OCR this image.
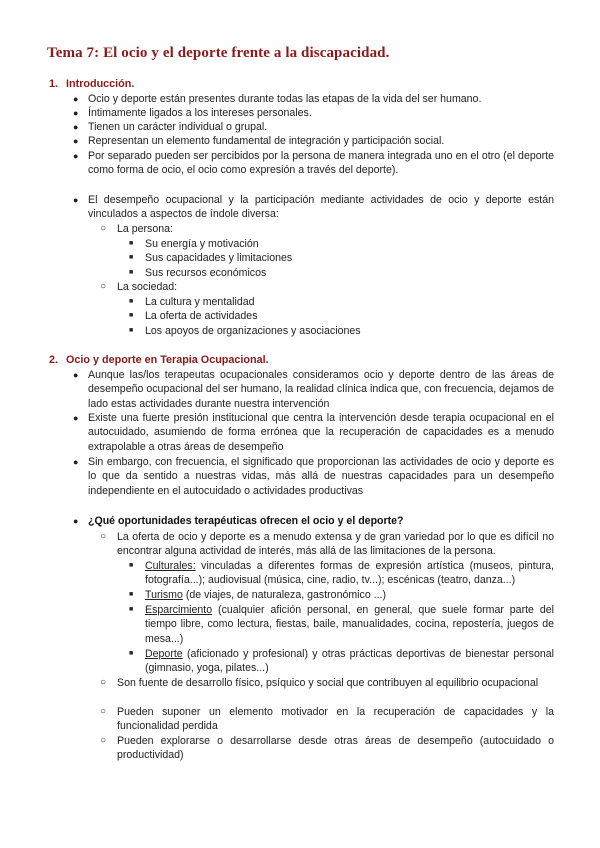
Tema 7: El ocio y el deporte frente a la discapacidad.
1. Introducción.
● Ocio y deporte están presentes durante todas las etapas de la vida del ser humano.
● Íntimamente ligados a los intereses personales.
● Tienen un carácter individual o grupal.
● Representan un elemento fundamental de integración y participación social.
● Por separado pueden ser percibidos por la persona de manera integrada uno en el otro (el deporte como forma de ocio, el ocio como expresión a través del deporte).
● El desempeño ocupacional y la participación mediante actividades de ocio y deporte están vinculados a aspectos de índole diversa:
○ La persona:
■ Su energía y motivación
■ Sus capacidades y limitaciones
■ Sus recursos económicos
○ La sociedad:
■ La cultura y mentalidad
■ La oferta de actividades
■ Los apoyos de organizaciones y asociaciones
2. Ocio y deporte en Terapia Ocupacional.
● Aunque las/los terapeutas ocupacionales consideramos ocio y deporte dentro de las áreas de desempeño ocupacional del ser humano, la realidad clínica indica que, con frecuencia, dejamos de lado estas actividades durante nuestra intervención
● Existe una fuerte presión institucional que centra la intervención desde terapia ocupacional en el autocuidado, asumiendo de forma errónea que la recuperación de capacidades es a menudo extrapolable a otras áreas de desempeño
● Sin embargo, con frecuencia, el significado que proporcionan las actividades de ocio y deporte es lo que da sentido a nuestras vidas, más allá de nuestras capacidades para un desempeño independiente en el autocuidado o actividades productivas
● ¿Qué oportunidades terapéuticas ofrecen el ocio y el deporte?
○ La oferta de ocio y deporte es a menudo extensa y de gran variedad por lo que es difícil no encontrar alguna actividad de interés, más allá de las limitaciones de la persona.
■ Culturales: vinculadas a diferentes formas de expresión artística (museos, pintura, fotografía...); audiovisual (música, cine, radio, tv...); escénicas (teatro, danza...)
■ Turismo (de viajes, de naturaleza, gastronómico ...)
■ Esparcimiento (cualquier afición personal, en general, que suele formar parte del tiempo libre, como lectura, fiestas, baile, manualidades, cocina, repostería, juegos de mesa...)
■ Deporte (aficionado y profesional) y otras prácticas deportivas de bienestar personal (gimnasio, yoga, pilates...)
○ Son fuente de desarrollo físico, psíquico y social que contribuyen al equilibrio ocupacional
○ Pueden suponer un elemento motivador en la recuperación de capacidades y la funcionalidad perdida
○ Pueden explorarse o desarrollarse desde otras áreas de desempeño (autocuidado o productividad)
